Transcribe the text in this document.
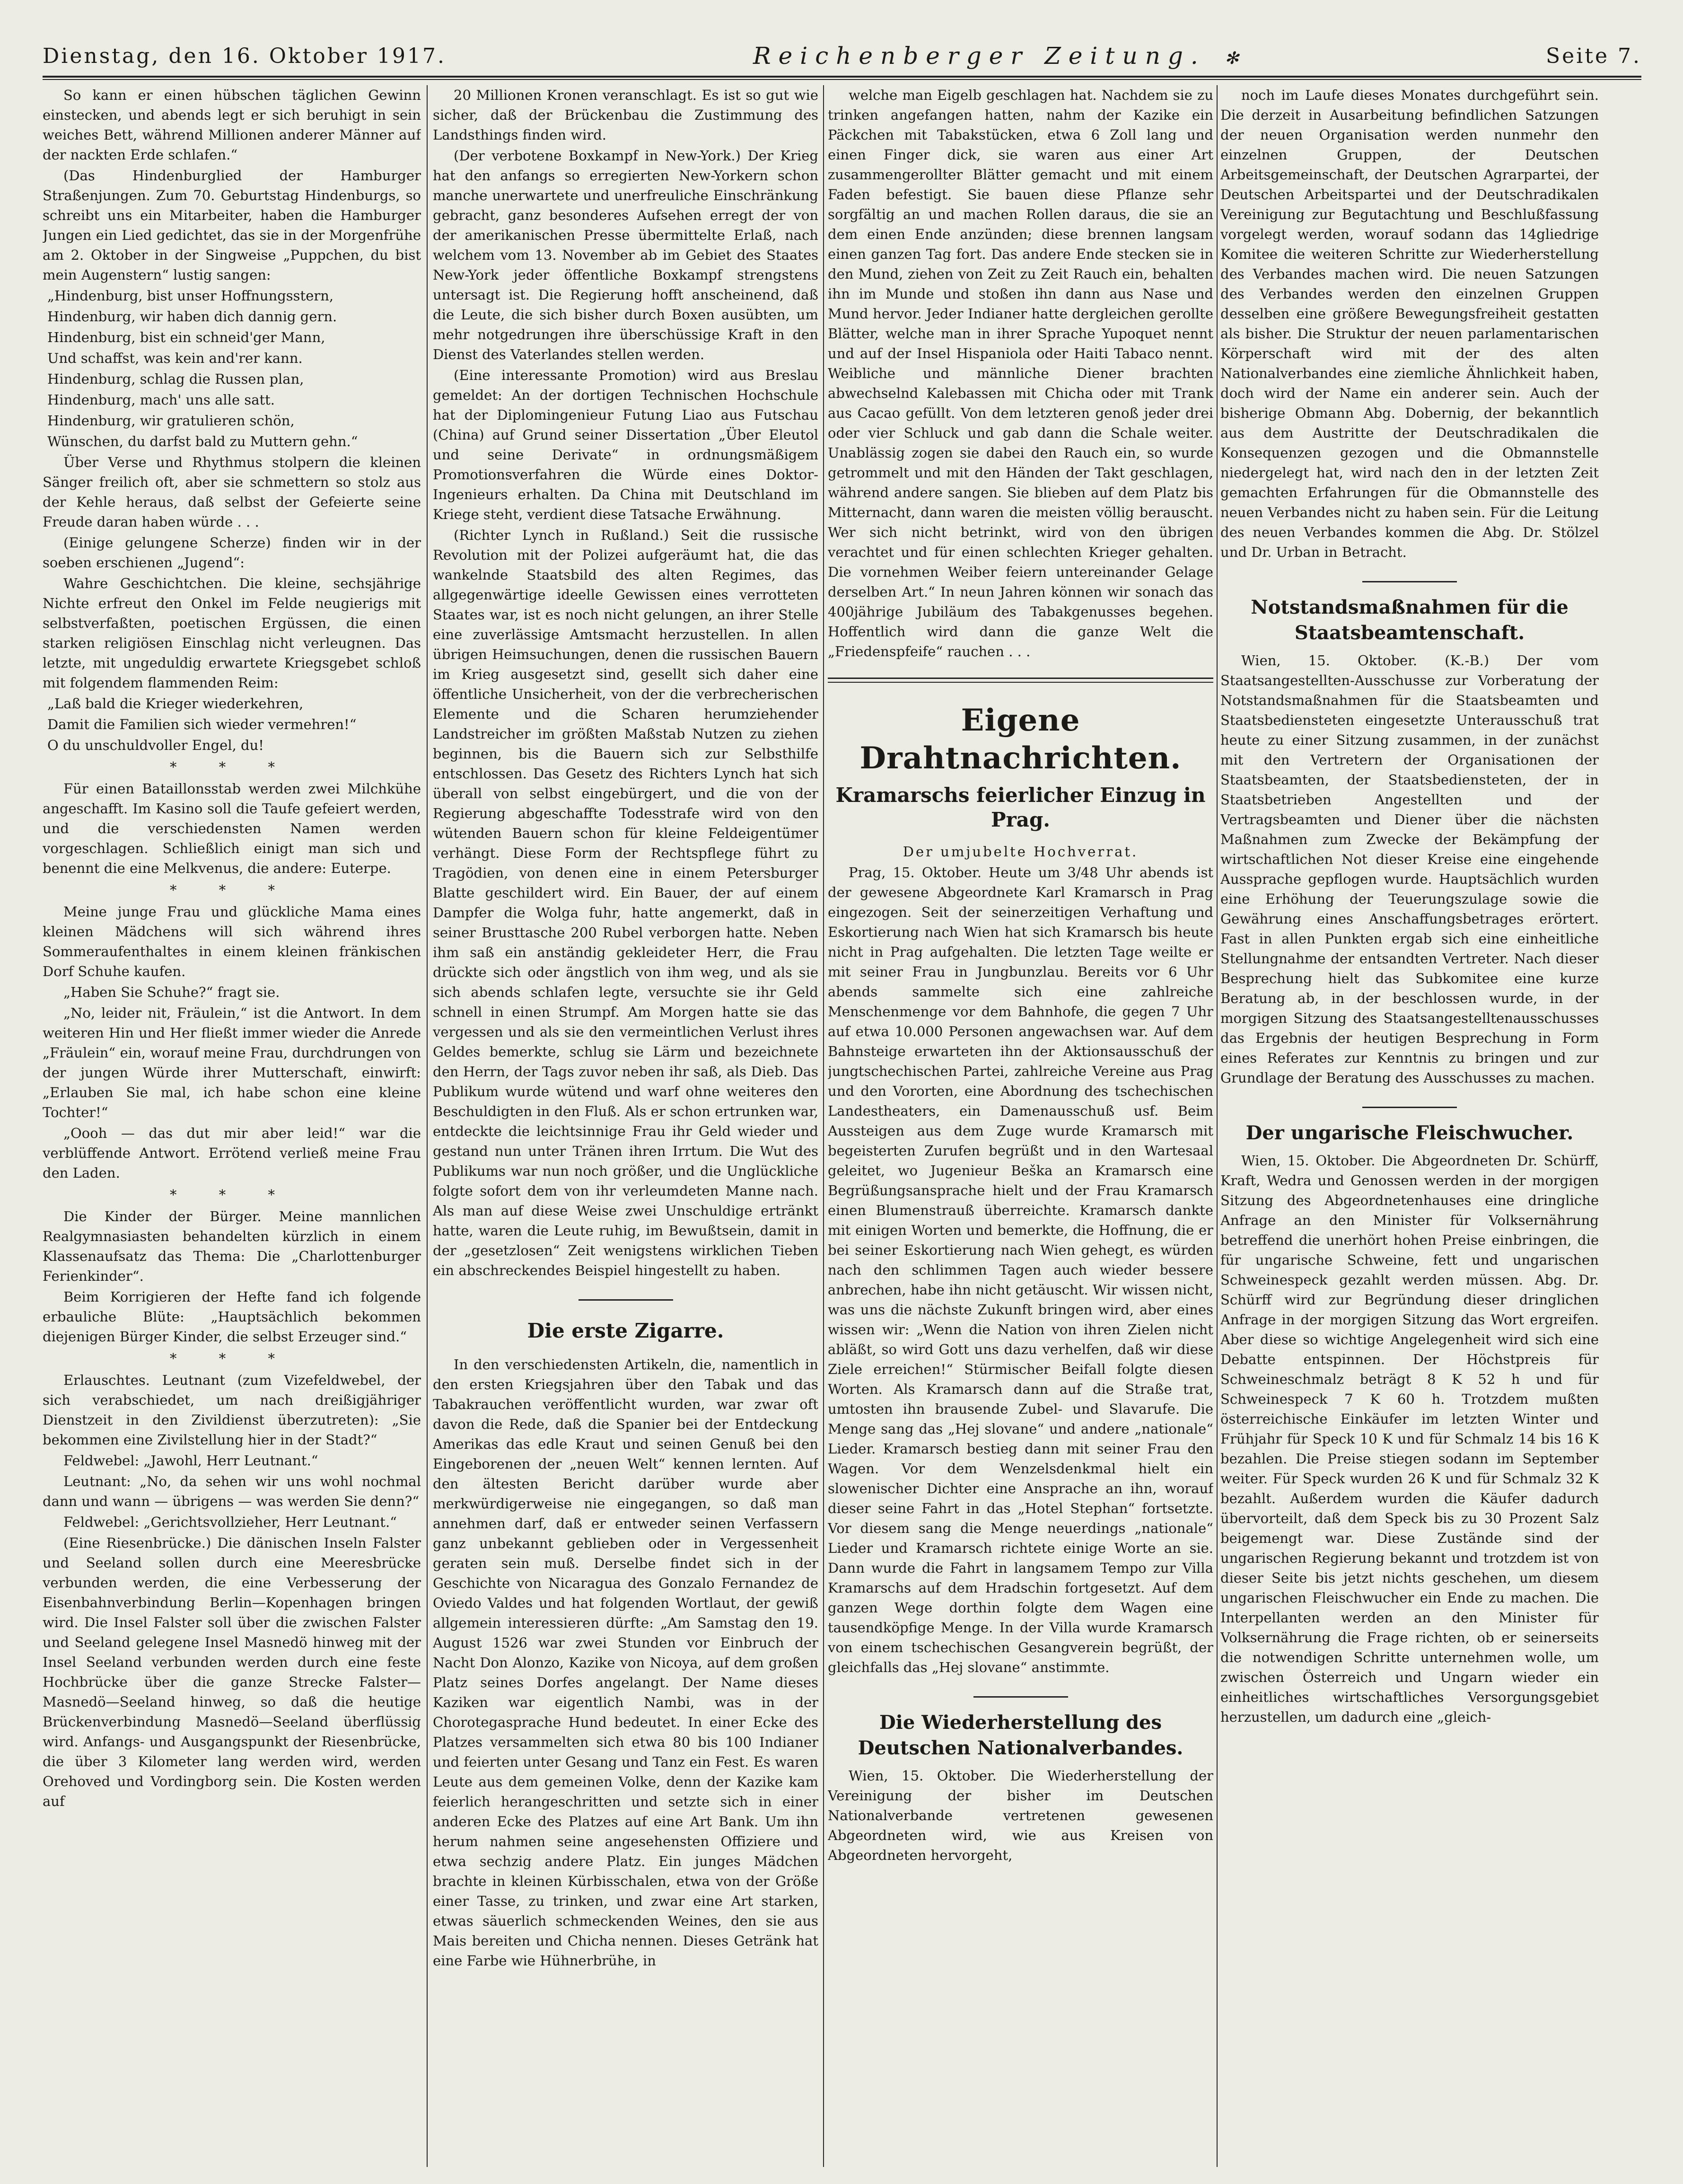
Dienstag, den 16. Oktober 1917.	Reichenberger Zeitung. ✻	Seite 7.

So kann er einen hübschen täglichen Gewinn einstecken, und abends legt er sich beruhigt in sein weiches Bett, während Millionen anderer Männer auf der nackten Erde schlafen.“

(Das Hindenburglied der Hamburger Straßenjungen. Zum 70. Geburtstag Hindenburgs, so schreibt uns ein Mitarbeiter, haben die Hamburger Jungen ein Lied gedichtet, das sie in der Morgenfrühe am 2. Oktober in der Singweise „Puppchen, du bist mein Augenstern“ lustig sangen:

„Hindenburg, bist unser Hoffnungsstern,

Hindenburg, wir haben dich dannig gern.

Hindenburg, bist ein schneid'ger Mann,

Und schaffst, was kein and'rer kann.

Hindenburg, schlag die Russen plan,

Hindenburg, mach' uns alle satt.

Hindenburg, wir gratulieren schön,

Wünschen, du darfst bald zu Muttern gehn.“

Über Verse und Rhythmus stolpern die kleinen Sänger freilich oft, aber sie schmettern so stolz aus der Kehle heraus, daß selbst der Gefeierte seine Freude daran haben würde . . .

(Einige gelungene Scherze) finden wir in der soeben erschienen „Jugend“:

Wahre Geschichtchen. Die kleine, sechsjährige Nichte erfreut den Onkel im Felde neugierigs mit selbstverfaßten, poetischen Ergüssen, die einen starken religiösen Einschlag nicht verleugnen. Das letzte, mit ungeduldig erwartete Kriegsgebet schloß mit folgendem flammenden Reim:

„Laß bald die Krieger wiederkehren,

Damit die Familien sich wieder vermehren!“

O du unschuldvoller Engel, du!

* * *

Für einen Bataillonsstab werden zwei Milchkühe angeschafft. Im Kasino soll die Taufe gefeiert werden, und die verschiedensten Namen werden vorgeschlagen. Schließlich einigt man sich und benennt die eine Melkvenus, die andere: Euterpe.

* * *

Meine junge Frau und glückliche Mama eines kleinen Mädchens will sich während ihres Sommeraufenthaltes in einem kleinen fränkischen Dorf Schuhe kaufen.

„Haben Sie Schuhe?“ fragt sie.

„No, leider nit, Fräulein,“ ist die Antwort. In dem weiteren Hin und Her fließt immer wieder die Anrede „Fräulein“ ein, worauf meine Frau, durchdrungen von der jungen Würde ihrer Mutterschaft, einwirft: „Erlauben Sie mal, ich habe schon eine kleine Tochter!“

„Oooh — das dut mir aber leid!“ war die verblüffende Antwort. Errötend verließ meine Frau den Laden.

* * *

Die Kinder der Bürger. Meine mannlichen Realgymnasiasten behandelten kürzlich in einem Klassenaufsatz das Thema: Die „Charlottenburger Ferienkinder“.

Beim Korrigieren der Hefte fand ich folgende erbauliche Blüte: „Hauptsächlich bekommen diejenigen Bürger Kinder, die selbst Erzeuger sind.“

* * *

Erlauschtes. Leutnant (zum Vizefeldwebel, der sich verabschiedet, um nach dreißigjähriger Dienstzeit in den Zivildienst überzutreten): „Sie bekommen eine Zivilstellung hier in der Stadt?“

Feldwebel: „Jawohl, Herr Leutnant.“

Leutnant: „No, da sehen wir uns wohl nochmal dann und wann — übrigens — was werden Sie denn?“

Feldwebel: „Gerichtsvollzieher, Herr Leutnant.“

(Eine Riesenbrücke.) Die dänischen Inseln Falster und Seeland sollen durch eine Meeresbrücke verbunden werden, die eine Verbesserung der Eisenbahnverbindung Berlin—Kopenhagen bringen wird. Die Insel Falster soll über die zwischen Falster und Seeland gelegene Insel Masnedö hinweg mit der Insel Seeland verbunden werden durch eine feste Hochbrücke über die ganze Strecke Falster—Masnedö—Seeland hinweg, so daß die heutige Brückenverbindung Masnedö—Seeland überflüssig wird. Anfangs- und Ausgangspunkt der Riesenbrücke, die über 3 Kilometer lang werden wird, werden Orehoved und Vordingborg sein. Die Kosten werden auf

20 Millionen Kronen veranschlagt. Es ist so gut wie sicher, daß der Brückenbau die Zustimmung des Landsthings finden wird.

(Der verbotene Boxkampf in New-York.) Der Krieg hat den anfangs so erregierten New-Yorkern schon manche unerwartete und unerfreuliche Einschränkung gebracht, ganz besonderes Aufsehen erregt der von der amerikanischen Presse übermittelte Erlaß, nach welchem vom 13. November ab im Gebiet des Staates New-York jeder öffentliche Boxkampf strengstens untersagt ist. Die Regierung hofft anscheinend, daß die Leute, die sich bisher durch Boxen ausübten, um mehr notgedrungen ihre überschüssige Kraft in den Dienst des Vaterlandes stellen werden.

(Eine interessante Promotion) wird aus Breslau gemeldet: An der dortigen Technischen Hochschule hat der Diplomingenieur Futung Liao aus Futschau (China) auf Grund seiner Dissertation „Über Eleutol und seine Derivate“ in ordnungsmäßigem Promotionsverfahren die Würde eines Doktor-Ingenieurs erhalten. Da China mit Deutschland im Kriege steht, verdient diese Tatsache Erwähnung.

(Richter Lynch in Rußland.) Seit die russische Revolution mit der Polizei aufgeräumt hat, die das wankelnde Staatsbild des alten Regimes, das allgegenwärtige ideelle Gewissen eines verrotteten Staates war, ist es noch nicht gelungen, an ihrer Stelle eine zuverlässige Amtsmacht herzustellen. In allen übrigen Heimsuchungen, denen die russischen Bauern im Krieg ausgesetzt sind, gesellt sich daher eine öffentliche Unsicherheit, von der die verbrecherischen Elemente und die Scharen herumziehender Landstreicher im größten Maßstab Nutzen zu ziehen beginnen, bis die Bauern sich zur Selbsthilfe entschlossen. Das Gesetz des Richters Lynch hat sich überall von selbst eingebürgert, und die von der Regierung abgeschaffte Todesstrafe wird von den wütenden Bauern schon für kleine Feldeigentümer verhängt. Diese Form der Rechtspflege führt zu Tragödien, von denen eine in einem Petersburger Blatte geschildert wird. Ein Bauer, der auf einem Dampfer die Wolga fuhr, hatte angemerkt, daß in seiner Brusttasche 200 Rubel verborgen hatte. Neben ihm saß ein anständig gekleideter Herr, die Frau drückte sich oder ängstlich von ihm weg, und als sie sich abends schlafen legte, versuchte sie ihr Geld schnell in einen Strumpf. Am Morgen hatte sie das vergessen und als sie den vermeintlichen Verlust ihres Geldes bemerkte, schlug sie Lärm und bezeichnete den Herrn, der Tags zuvor neben ihr saß, als Dieb. Das Publikum wurde wütend und warf ohne weiteres den Beschuldigten in den Fluß. Als er schon ertrunken war, entdeckte die leichtsinnige Frau ihr Geld wieder und gestand nun unter Tränen ihren Irrtum. Die Wut des Publikums war nun noch größer, und die Unglückliche folgte sofort dem von ihr verleumdeten Manne nach. Als man auf diese Weise zwei Unschuldige ertränkt hatte, waren die Leute ruhig, im Bewußtsein, damit in der „gesetzlosen“ Zeit wenigstens wirklichen Tieben ein abschreckendes Beispiel hingestellt zu haben.

Die erste Zigarre.

In den verschiedensten Artikeln, die, namentlich in den ersten Kriegsjahren über den Tabak und das Tabakrauchen veröffentlicht wurden, war zwar oft davon die Rede, daß die Spanier bei der Entdeckung Amerikas das edle Kraut und seinen Genuß bei den Eingeborenen der „neuen Welt“ kennen lernten. Auf den ältesten Bericht darüber wurde aber merkwürdigerweise nie eingegangen, so daß man annehmen darf, daß er entweder seinen Verfassern ganz unbekannt geblieben oder in Vergessenheit geraten sein muß. Derselbe findet sich in der Geschichte von Nicaragua des Gonzalo Fernandez de Oviedo Valdes und hat folgenden Wortlaut, der gewiß allgemein interessieren dürfte: „Am Samstag den 19. August 1526 war zwei Stunden vor Einbruch der Nacht Don Alonzo, Kazike von Nicoya, auf dem großen Platz seines Dorfes angelangt. Der Name dieses Kaziken war eigentlich Nambi, was in der Chorotegasprache Hund bedeutet. In einer Ecke des Platzes versammelten sich etwa 80 bis 100 Indianer und feierten unter Gesang und Tanz ein Fest. Es waren Leute aus dem gemeinen Volke, denn der Kazike kam feierlich herangeschritten und setzte sich in einer anderen Ecke des Platzes auf eine Art Bank. Um ihn herum nahmen seine angesehensten Offiziere und etwa sechzig andere Platz. Ein junges Mädchen brachte in kleinen Kürbisschalen, etwa von der Größe einer Tasse, zu trinken, und zwar eine Art starken, etwas säuerlich schmeckenden Weines, den sie aus Mais bereiten und Chicha nennen. Dieses Getränk hat eine Farbe wie Hühnerbrühe, in

welche man Eigelb geschlagen hat. Nachdem sie zu trinken angefangen hatten, nahm der Kazike ein Päckchen mit Tabakstücken, etwa 6 Zoll lang und einen Finger dick, sie waren aus einer Art zusammengerollter Blätter gemacht und mit einem Faden befestigt. Sie bauen diese Pflanze sehr sorgfältig an und machen Rollen daraus, die sie an dem einen Ende anzünden; diese brennen langsam einen ganzen Tag fort. Das andere Ende stecken sie in den Mund, ziehen von Zeit zu Zeit Rauch ein, behalten ihn im Munde und stoßen ihn dann aus Nase und Mund hervor. Jeder Indianer hatte dergleichen gerollte Blätter, welche man in ihrer Sprache Yupoquet nennt und auf der Insel Hispaniola oder Haiti Tabaco nennt. Weibliche und männliche Diener brachten abwechselnd Kalebassen mit Chicha oder mit Trank aus Cacao gefüllt. Von dem letzteren genoß jeder drei oder vier Schluck und gab dann die Schale weiter. Unablässig zogen sie dabei den Rauch ein, so wurde getrommelt und mit den Händen der Takt geschlagen, während andere sangen. Sie blieben auf dem Platz bis Mitternacht, dann waren die meisten völlig berauscht. Wer sich nicht betrinkt, wird von den übrigen verachtet und für einen schlechten Krieger gehalten. Die vornehmen Weiber feiern untereinander Gelage derselben Art.“ In neun Jahren können wir sonach das 400jährige Jubiläum des Tabakgenusses begehen. Hoffentlich wird dann die ganze Welt die „Friedenspfeife“ rauchen . . .

Eigene Drahtnachrichten.
Kramarschs feierlicher Einzug in Prag.

Der umjubelte Hochverrat.

Prag, 15. Oktober. Heute um 3/48 Uhr abends ist der gewesene Abgeordnete Karl Kramarsch in Prag eingezogen. Seit der seinerzeitigen Verhaftung und Eskortierung nach Wien hat sich Kramarsch bis heute nicht in Prag aufgehalten. Die letzten Tage weilte er mit seiner Frau in Jungbunzlau. Bereits vor 6 Uhr abends sammelte sich eine zahlreiche Menschenmenge vor dem Bahnhofe, die gegen 7 Uhr auf etwa 10.000 Personen angewachsen war. Auf dem Bahnsteige erwarteten ihn der Aktionsausschuß der jungtschechischen Partei, zahlreiche Vereine aus Prag und den Vororten, eine Abordnung des tschechischen Landestheaters, ein Damenausschuß usf. Beim Aussteigen aus dem Zuge wurde Kramarsch mit begeisterten Zurufen begrüßt und in den Wartesaal geleitet, wo Jugenieur Beška an Kramarsch eine Begrüßungsansprache hielt und der Frau Kramarsch einen Blumenstrauß überreichte. Kramarsch dankte mit einigen Worten und bemerkte, die Hoffnung, die er bei seiner Eskortierung nach Wien gehegt, es würden nach den schlimmen Tagen auch wieder bessere anbrechen, habe ihn nicht getäuscht. Wir wissen nicht, was uns die nächste Zukunft bringen wird, aber eines wissen wir: „Wenn die Nation von ihren Zielen nicht abläßt, so wird Gott uns dazu verhelfen, daß wir diese Ziele erreichen!“ Stürmischer Beifall folgte diesen Worten. Als Kramarsch dann auf die Straße trat, umtosten ihn brausende Zubel- und Slavarufe. Die Menge sang das „Hej slovane“ und andere „nationale“ Lieder. Kramarsch bestieg dann mit seiner Frau den Wagen. Vor dem Wenzelsdenkmal hielt ein slowenischer Dichter eine Ansprache an ihn, worauf dieser seine Fahrt in das „Hotel Stephan“ fortsetzte. Vor diesem sang die Menge neuerdings „nationale“ Lieder und Kramarsch richtete einige Worte an sie. Dann wurde die Fahrt in langsamem Tempo zur Villa Kramarschs auf dem Hradschin fortgesetzt. Auf dem ganzen Wege dorthin folgte dem Wagen eine tausendköpfige Menge. In der Villa wurde Kramarsch von einem tschechischen Gesangverein begrüßt, der gleichfalls das „Hej slovane“ anstimmte.

Die Wiederherstellung des Deutschen Nationalverbandes.

Wien, 15. Oktober. Die Wiederherstellung der Vereinigung der bisher im Deutschen Nationalverbande vertretenen gewesenen Abgeordneten wird, wie aus Kreisen von Abgeordneten hervorgeht,

noch im Laufe dieses Monates durchgeführt sein. Die derzeit in Ausarbeitung befindlichen Satzungen der neuen Organisation werden nunmehr den einzelnen Gruppen, der Deutschen Arbeitsgemeinschaft, der Deutschen Agrarpartei, der Deutschen Arbeitspartei und der Deutschradikalen Vereinigung zur Begutachtung und Beschlußfassung vorgelegt werden, worauf sodann das 14gliedrige Komitee die weiteren Schritte zur Wiederherstellung des Verbandes machen wird. Die neuen Satzungen des Verbandes werden den einzelnen Gruppen desselben eine größere Bewegungsfreiheit gestatten als bisher. Die Struktur der neuen parlamentarischen Körperschaft wird mit der des alten Nationalverbandes eine ziemliche Ähnlichkeit haben, doch wird der Name ein anderer sein. Auch der bisherige Obmann Abg. Dobernig, der bekanntlich aus dem Austritte der Deutschradikalen die Konsequenzen gezogen und die Obmannstelle niedergelegt hat, wird nach den in der letzten Zeit gemachten Erfahrungen für die Obmannstelle des neuen Verbandes nicht zu haben sein. Für die Leitung des neuen Verbandes kommen die Abg. Dr. Stölzel und Dr. Urban in Betracht.

Notstandsmaßnahmen für die Staatsbeamtenschaft.

Wien, 15. Oktober. (K.-B.) Der vom Staatsangestellten-Ausschusse zur Vorberatung der Notstandsmaßnahmen für die Staatsbeamten und Staatsbediensteten eingesetzte Unterausschuß trat heute zu einer Sitzung zusammen, in der zunächst mit den Vertretern der Organisationen der Staatsbeamten, der Staatsbediensteten, der in Staatsbetrieben Angestellten und der Vertragsbeamten und Diener über die nächsten Maßnahmen zum Zwecke der Bekämpfung der wirtschaftlichen Not dieser Kreise eine eingehende Aussprache gepflogen wurde. Hauptsächlich wurden eine Erhöhung der Teuerungszulage sowie die Gewährung eines Anschaffungsbetrages erörtert. Fast in allen Punkten ergab sich eine einheitliche Stellungnahme der entsandten Vertreter. Nach dieser Besprechung hielt das Subkomitee eine kurze Beratung ab, in der beschlossen wurde, in der morgigen Sitzung des Staatsangestelltenausschusses das Ergebnis der heutigen Besprechung in Form eines Referates zur Kenntnis zu bringen und zur Grundlage der Beratung des Ausschusses zu machen.

Der ungarische Fleischwucher.

Wien, 15. Oktober. Die Abgeordneten Dr. Schürff, Kraft, Wedra und Genossen werden in der morgigen Sitzung des Abgeordnetenhauses eine dringliche Anfrage an den Minister für Volksernährung betreffend die unerhört hohen Preise einbringen, die für ungarische Schweine, fett und ungarischen Schweinespeck gezahlt werden müssen. Abg. Dr. Schürff wird zur Begründung dieser dringlichen Anfrage in der morgigen Sitzung das Wort ergreifen. Aber diese so wichtige Angelegenheit wird sich eine Debatte entspinnen. Der Höchstpreis für Schweineschmalz beträgt 8 K 52 h und für Schweinespeck 7 K 60 h. Trotzdem mußten österreichische Einkäufer im letzten Winter und Frühjahr für Speck 10 K und für Schmalz 14 bis 16 K bezahlen. Die Preise stiegen sodann im September weiter. Für Speck wurden 26 K und für Schmalz 32 K bezahlt. Außerdem wurden die Käufer dadurch übervorteilt, daß dem Speck bis zu 30 Prozent Salz beigemengt war. Diese Zustände sind der ungarischen Regierung bekannt und trotzdem ist von dieser Seite bis jetzt nichts geschehen, um diesem ungarischen Fleischwucher ein Ende zu machen. Die Interpellanten werden an den Minister für Volksernährung die Frage richten, ob er seinerseits die notwendigen Schritte unternehmen wolle, um zwischen Österreich und Ungarn wieder ein einheitliches wirtschaftliches Versorgungsgebiet herzustellen, um dadurch eine „gleich-
